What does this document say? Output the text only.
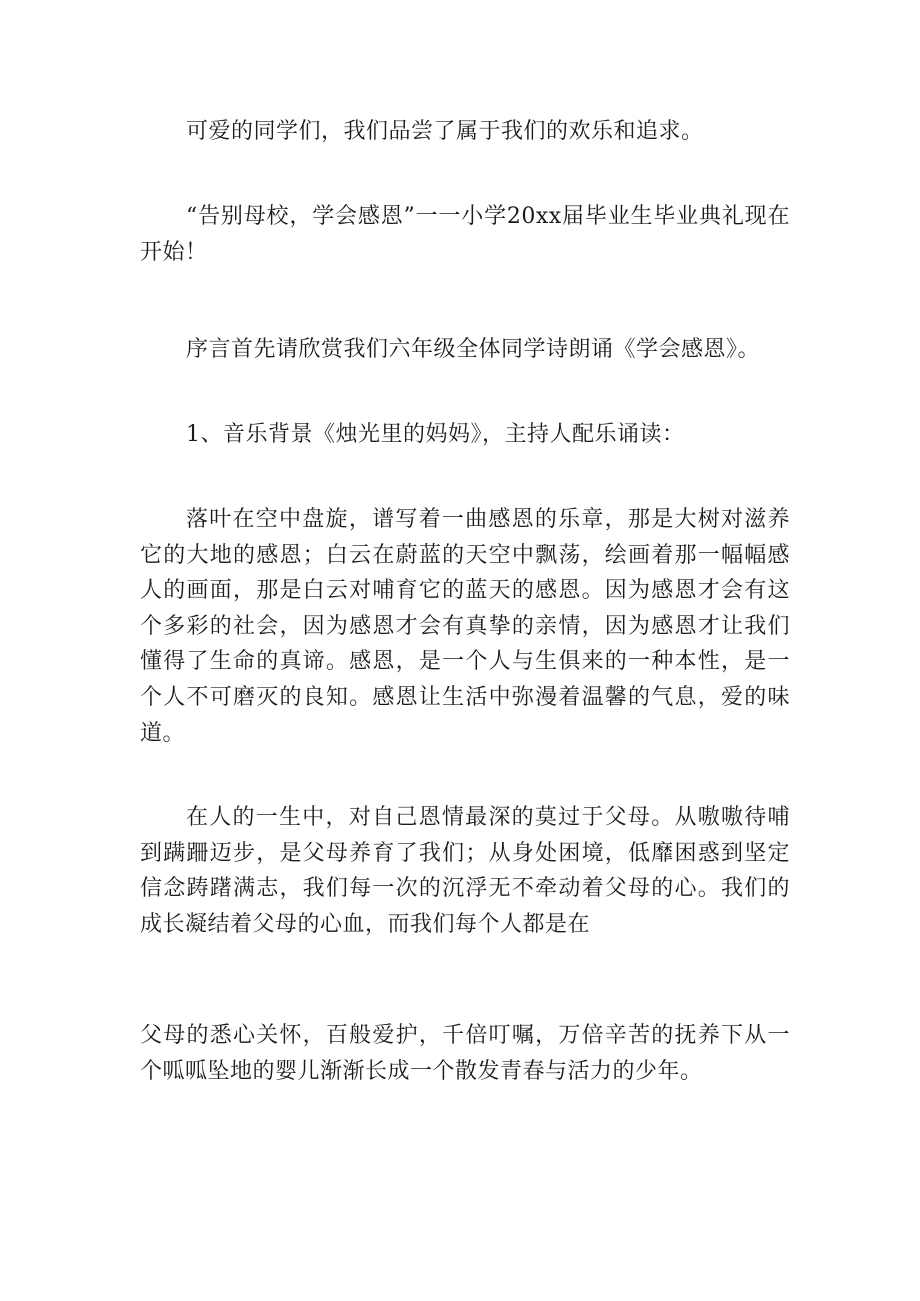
可爱的同学们，我们品尝了属于我们的欢乐和追求。

“告别母校，学会感恩”一一小学20xx届毕业生毕业典礼现在开始！

序言首先请欣赏我们六年级全体同学诗朗诵《学会感恩》。

1、音乐背景《烛光里的妈妈》，主持人配乐诵读：

落叶在空中盘旋，谱写着一曲感恩的乐章，那是大树对滋养它的大地的感恩；白云在蔚蓝的天空中飘荡，绘画着那一幅幅感人的画面，那是白云对哺育它的蓝天的感恩。因为感恩才会有这个多彩的社会，因为感恩才会有真挚的亲情，因为感恩才让我们懂得了生命的真谛。感恩，是一个人与生俱来的一种本性，是一个人不可磨灭的良知。感恩让生活中弥漫着温馨的气息，爱的味道。

在人的一生中，对自己恩情最深的莫过于父母。从嗷嗷待哺到蹒跚迈步，是父母养育了我们；从身处困境，低靡困惑到坚定信念踌躇满志，我们每一次的沉浮无不牵动着父母的心。我们的成长凝结着父母的心血，而我们每个人都是在

父母的悉心关怀，百般爱护，千倍叮嘱，万倍辛苦的抚养下从一个呱呱坠地的婴儿渐渐长成一个散发青春与活力的少年。
